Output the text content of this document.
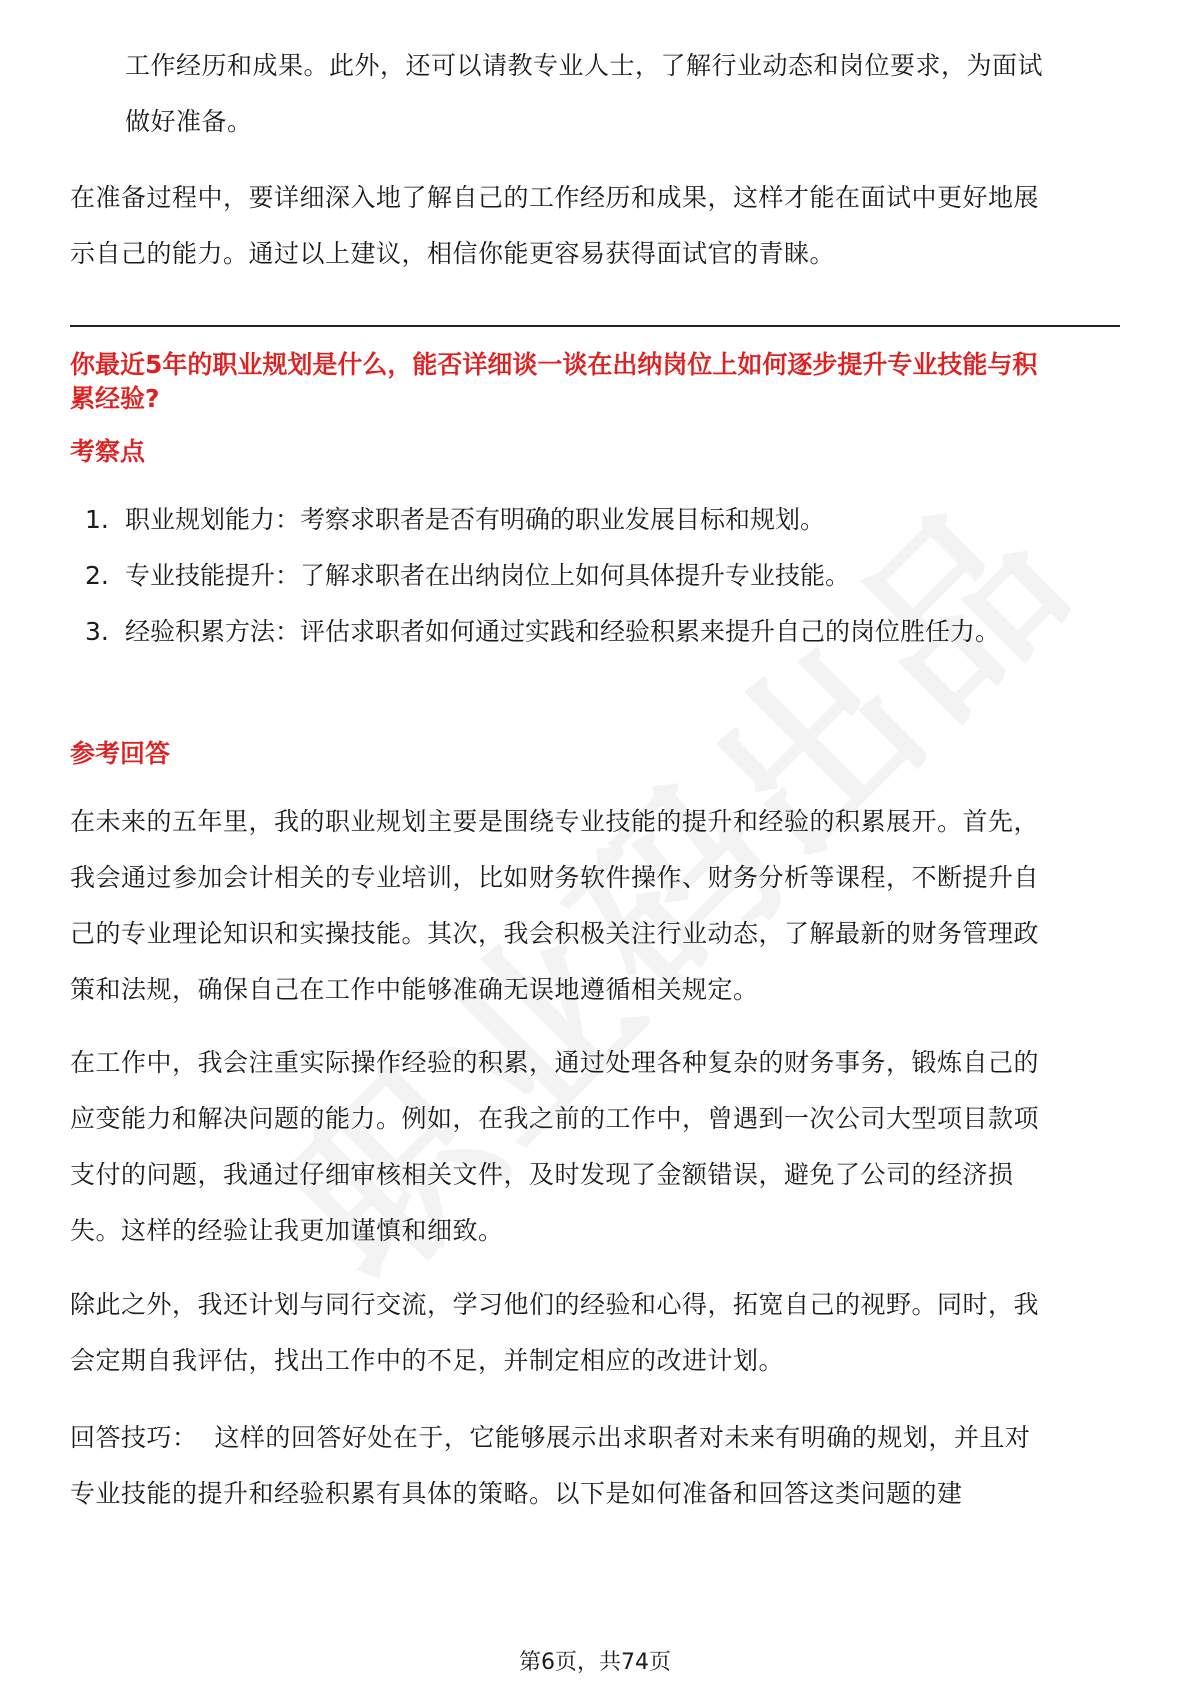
工作经历和成果。此外，还可以请教专业人士，了解行业动态和岗位要求，为面试做好准备。

在准备过程中，要详细深入地了解自己的工作经历和成果，这样才能在面试中更好地展示自己的能力。通过以上建议，相信你能更容易获得面试官的青睐。

你最近5年的职业规划是什么，能否详细谈一谈在出纳岗位上如何逐步提升专业技能与积累经验?

考察点

1. 职业规划能力：考察求职者是否有明确的职业发展目标和规划。
2. 专业技能提升：了解求职者在出纳岗位上如何具体提升专业技能。
3. 经验积累方法：评估求职者如何通过实践和经验积累来提升自己的岗位胜任力。

参考回答

在未来的五年里，我的职业规划主要是围绕专业技能的提升和经验的积累展开。首先，我会通过参加会计相关的专业培训，比如财务软件操作、财务分析等课程，不断提升自己的专业理论知识和实操技能。其次，我会积极关注行业动态，了解最新的财务管理政策和法规，确保自己在工作中能够准确无误地遵循相关规定。

在工作中，我会注重实际操作经验的积累，通过处理各种复杂的财务事务，锻炼自己的应变能力和解决问题的能力。例如，在我之前的工作中，曾遇到一次公司大型项目款项支付的问题，我通过仔细审核相关文件，及时发现了金额错误，避免了公司的经济损失。这样的经验让我更加谨慎和细致。

除此之外，我还计划与同行交流，学习他们的经验和心得，拓宽自己的视野。同时，我会定期自我评估，找出工作中的不足，并制定相应的改进计划。

回答技巧：  这样的回答好处在于，它能够展示出求职者对未来有明确的规划，并且对专业技能的提升和经验积累有具体的策略。以下是如何准备和回答这类问题的建

第6页，共74页
